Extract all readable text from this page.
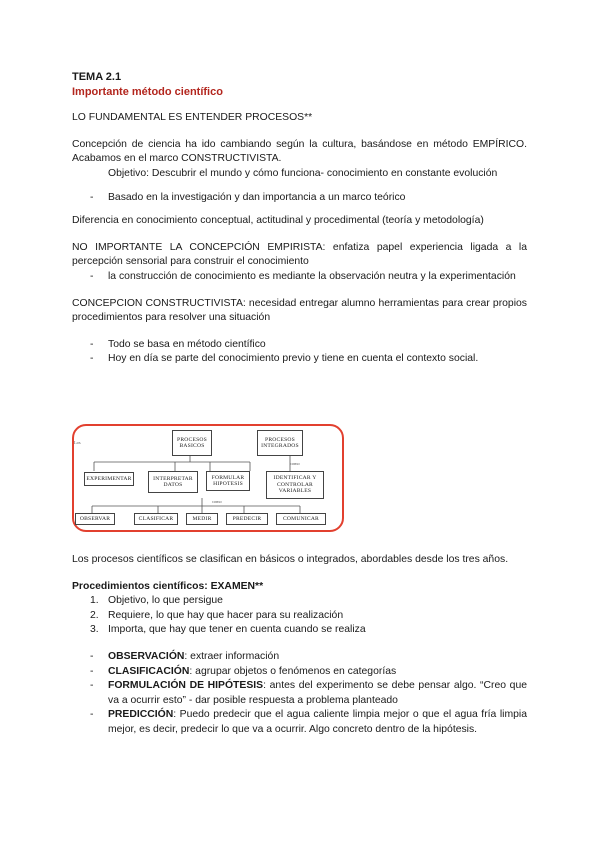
TEMA 2.1
Importante método científico

LO FUNDAMENTAL ES ENTENDER PROCESOS**

Concepción de ciencia ha ido cambiando según la cultura, basándose en método EMPÍRICO. Acabamos en el marco CONSTRUCTIVISTA.

Objetivo: Descubrir el mundo y cómo funciona- conocimiento en constante evolución

- Basado en la investigación y dan importancia a un marco teórico

Diferencia en conocimiento conceptual, actitudinal y procedimental (teoría y metodología)

NO IMPORTANTE LA CONCEPCIÓN EMPIRISTA: enfatiza papel experiencia ligada a la percepción sensorial para construir el conocimiento

- la construcción de conocimiento es mediante la observación neutra y la experimentación

CONCEPCION CONSTRUCTIVISTA: necesidad entregar alumno herramientas para crear propios procedimientos para resolver una situación

- Todo se basa en método científico
- Hoy en día se parte del conocimiento previo y tiene en cuenta el contexto social.
Los
como
como
PROCESOS BASICOS
PROCESOS INTEGRADOS
EXPERIMENTAR	INTERPRETAR DATOS
FORMULAR HIPOTESIS
IDENTIFICAR Y CONTROLAR VARIABLES
OBSERVAR	CLASIFICAR	MEDIR	PREDECIR	COMUNICAR

Los procesos científicos se clasifican en básicos o integrados, abordables desde los tres años.

Procedimientos científicos: EXAMEN**

1. Objetivo, lo que persigue
2. Requiere, lo que hay que hacer para su realización
3. Importa, que hay que tener en cuenta cuando se realiza
- OBSERVACIÓN: extraer información
- CLASIFICACIÓN: agrupar objetos o fenómenos en categorías
- FORMULACIÓN DE HIPÓTESIS: antes del experimento se debe pensar algo. “Creo que va a ocurrir esto” - dar posible respuesta a problema planteado
- PREDICCIÓN: Puedo predecir que el agua caliente limpia mejor o que el agua fría limpia mejor, es decir, predecir lo que va a ocurrir. Algo concreto dentro de la hipótesis.
